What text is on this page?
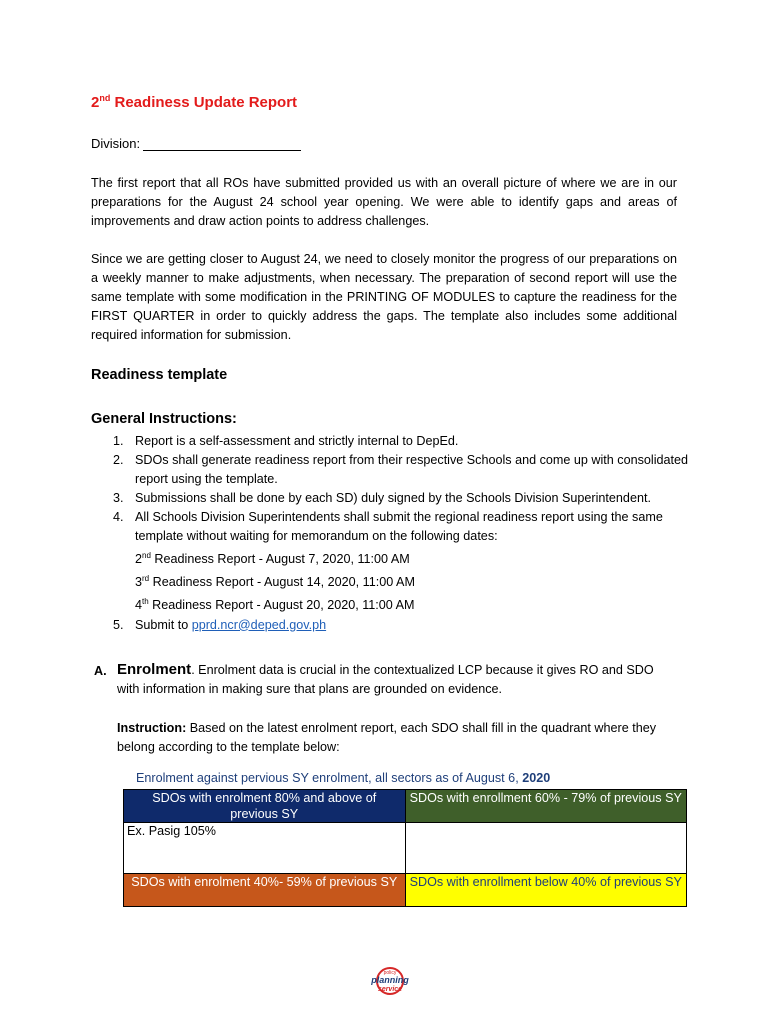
2nd Readiness Update Report
Division:

The first report that all ROs have submitted provided us with an overall picture of where we are in our preparations for the August 24 school year opening. We were able to identify gaps and areas of improvements and draw action points to address challenges.

Since we are getting closer to August 24, we need to closely monitor the progress of our preparations on a weekly manner to make adjustments, when necessary. The preparation of second report will use the same template with some modification in the PRINTING OF MODULES to capture the readiness for the FIRST QUARTER in order to quickly address the gaps. The template also includes some additional required information for submission.

Readiness template
General Instructions:
1. Report is a self-assessment and strictly internal to DepEd.
2. SDOs shall generate readiness report from their respective Schools and come up with consolidated report using the template.
3. Submissions shall be done by each SD) duly signed by the Schools Division Superintendent.
4. All Schools Division Superintendents shall submit the regional readiness report using the same template without waiting for memorandum on the following dates:
2nd Readiness Report - August 7, 2020, 11:00 AM
3rd Readiness Report - August 14, 2020, 11:00 AM
4th Readiness Report - August 20, 2020, 11:00 AM
5. Submit to pprd.ncr@deped.gov.ph
A. Enrolment. Enrolment data is crucial in the contextualized LCP because it gives RO and SDO with information in making sure that plans are grounded on evidence.
Instruction: Based on the latest enrolment report, each SDO shall fill in the quadrant where they belong according to the template below:
Enrolment against pervious SY enrolment, all sectors as of August 6, 2020
SDOs with enrolment 80% and above of previous SY	SDOs with enrollment 60% - 79% of previous SY
Ex. Pasig 105%	
SDOs with enrolment 40%- 59% of previous SY	SDOs with enrollment below 40% of previous SY
policy
planning
service
